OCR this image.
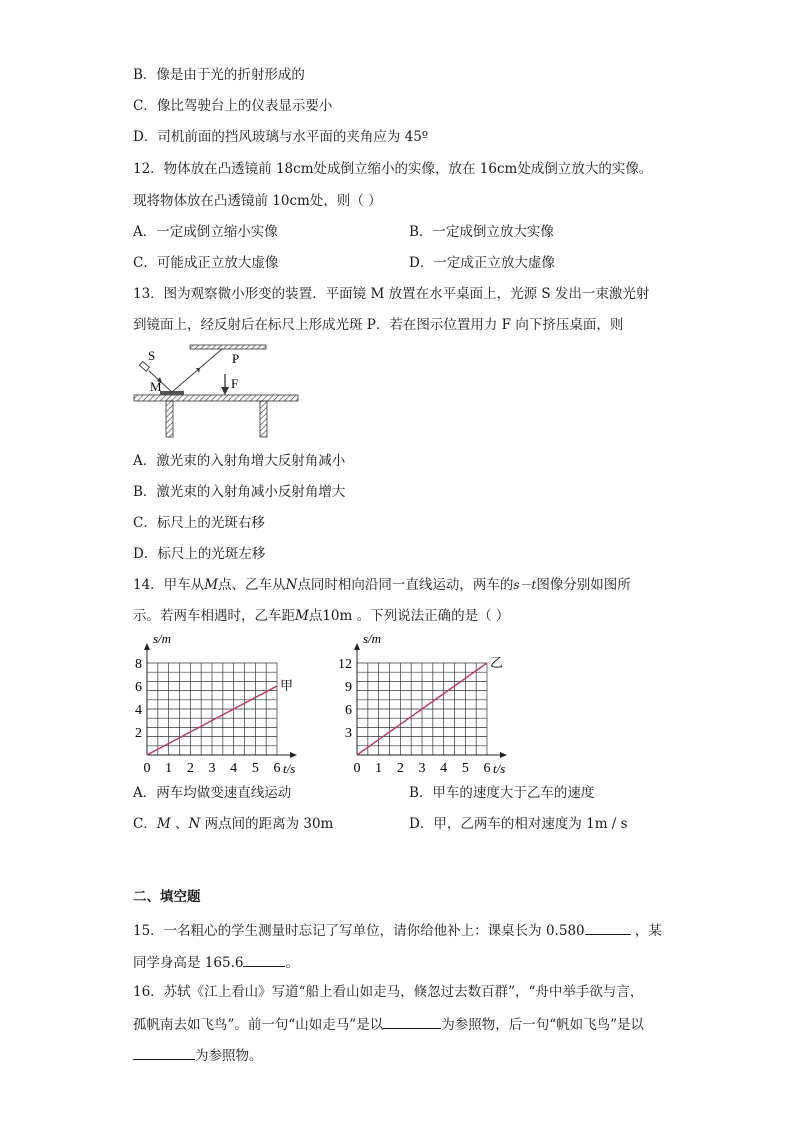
B．像是由于光的折射形成的
C．像比驾驶台上的仪表显示要小
D．司机前面的挡风玻璃与水平面的夹角应为 45º
12．物体放在凸透镜前 18cm处成倒立缩小的实像，放在 16cm处成倒立放大的实像。
现将物体放在凸透镜前 10cm处，则（ ）
A．一定成倒立缩小实像	B．一定成倒立放大实像
C．可能成正立放大虚像	D．一定成正立放大虚像
13．图为观察微小形变的装置．平面镜 M 放置在水平桌面上，光源 S 发出一束激光射
到镜面上，经反射后在标尺上形成光斑 P．若在图示位置用力 F 向下挤压桌面，则
S	P
M	F
A．激光束的入射角增大反射角减小
B．激光束的入射角减小反射角增大
C．标尺上的光斑右移
D．标尺上的光斑左移
14．甲车从M点、乙车从N点同时相向沿同一直线运动，两车的s－t图像分别如图所
示。若两车相遇时，乙车距M点10m 。下列说法正确的是（ ）
0 1 2 3 4 5 6
2
4
6
8
s/m
t/s
甲
0 1 2 3 4 5 6
3
6
9
12
s/m
t/s
乙
A．两车均做变速直线运动	B．甲车的速度大于乙车的速度
C．M 、N 两点间的距离为 30m	D．甲，乙两车的相对速度为 1m / s
二、填空题
15．一名粗心的学生测量时忘记了写单位，请你给他补上：课桌长为 0.580	，某
同学身高是 165.6	。
16．苏轼《江上看山》写道“船上看山如走马，倏忽过去数百群”，“舟中举手欲与言，
孤帆南去如飞鸟”。前一句“山如走马”是以	为参照物，后一句“帆如飞鸟”是以
为参照物。
